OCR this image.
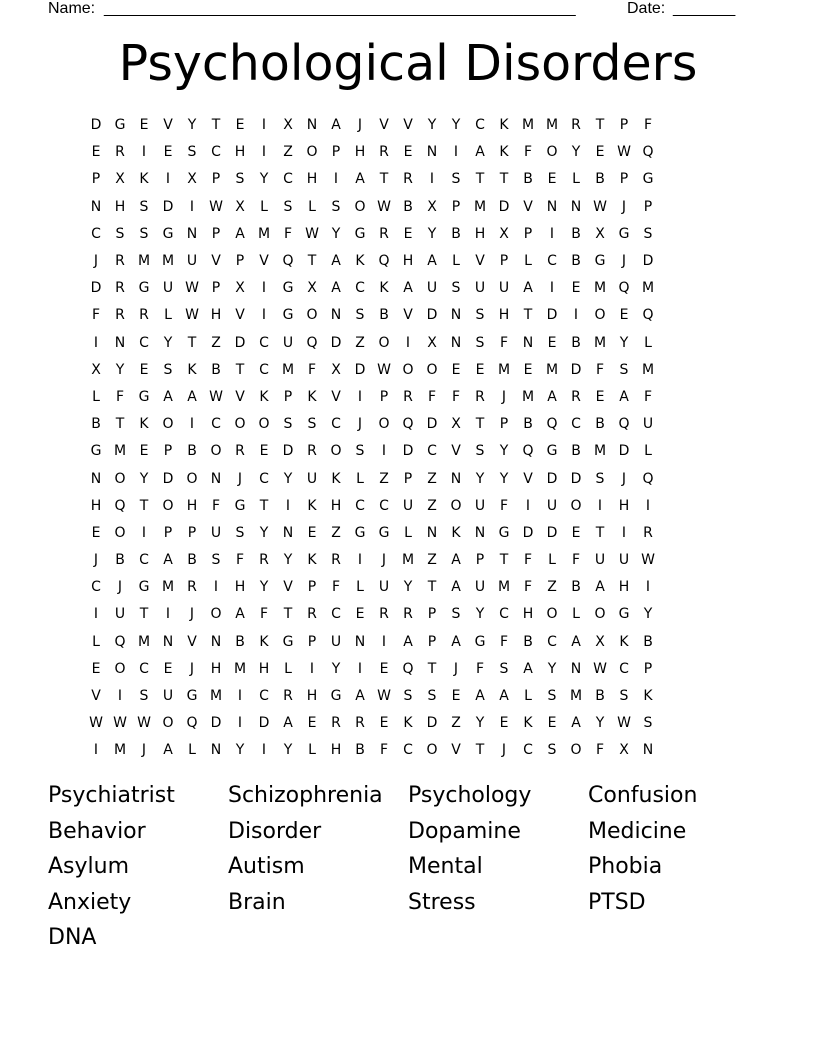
Name: _____________________________________________________	Date: _______
Psychological Disorders
D G	E	V	Y	T	E	I	X N A	J	V	V	Y	Y	C	K M M R	T	P	F
E	R	I	E	S	C H	I	Z O	P	H R	E	N	I	A	K	F	O	Y	E W Q
P	X	K	I	X	P	S	Y	C H	I	A	T	R	I	S	T	T	B	E	L	B	P	G
N H	S	D	I	W X	L	S	L	S	O W B	X	P M D V N N W	J	P
C	S	S	G N	P	A M F W Y	G R	E	Y	B H X	P	I	B	X G	S
J	R M M U	V	P	V Q	T	A	K Q H A	L	V	P	L	C	B G	J	D
D R G U W P	X	I	G X	A	C	K	A	U	S	U U	A	I	E M Q M
F	R	R	L W H V	I	G O N	S	B	V D N	S	H	T	D	I	O	E	Q
I	N C	Y	T	Z D C U Q D Z O	I	X N	S	F	N	E	B M Y	L
X	Y	E	S	K	B	T	C M F	X D W O O	E	E M E M D	F	S M
L	F	G A	A W V	K	P	K	V	I	P	R	F	F	R	J	M A	R	E	A	F
B	T	K O	I	C O O	S	S	C	J	O Q D X	T	P	B Q C	B Q U
G M E	P	B O R	E	D R O	S	I	D C	V	S	Y	Q G B M D	L
N O	Y	D O N	J	C	Y	U	K	L	Z	P	Z N	Y	Y	V D D	S	J	Q
H Q	T	O H	F	G	T	I	K	H C	C U	Z O U	F	I	U O	I	H	I
E	O	I	P	P	U	S	Y	N	E	Z G G	L	N	K	N G D D	E	T	I	R
J	B	C	A	B	S	F	R	Y	K	R	I	J	M Z	A	P	T	F	L	F	U U W
C	J	G M R	I	H	Y	V	P	F	L	U	Y	T	A	U M F	Z	B	A H	I
I	U	T	I	J	O A	F	T	R	C	E	R	R	P	S	Y	C H O	L	O G	Y
L	Q M N V N B	K G	P	U N	I	A	P	A G	F	B	C	A	X	K	B
E	O C	E	J	H M H	L	I	Y	I	E	Q	T	J	F	S	A	Y	N W C	P
V	I	S	U G M	I	C	R H G A W S	S	E	A	A	L	S M B	S	K
W W W O Q D	I	D A	E	R	R	E	K	D Z	Y	E	K	E	A	Y W S
I	M	J	A	L	N	Y	I	Y	L	H B	F	C O V	T	J	C	S	O	F	X N
Psychiatrist	Schizophrenia	Psychology	Confusion
Behavior	Disorder	Dopamine	Medicine
Asylum	Autism	Mental	Phobia
Anxiety	Brain	Stress	PTSD
DNA
